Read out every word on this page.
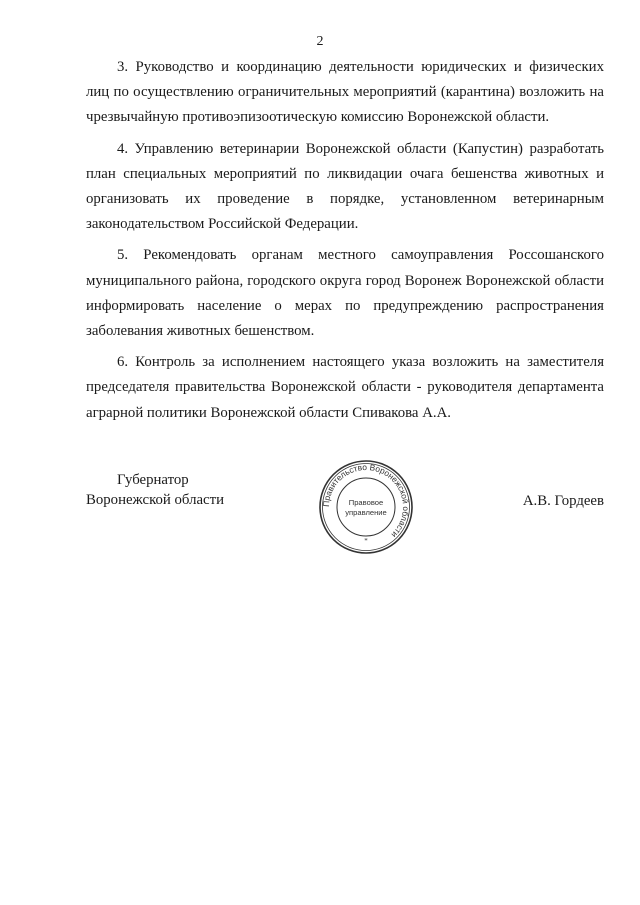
2

3. Руководство и координацию деятельности юридических и физических лиц по осуществлению ограничительных мероприятий (карантина) возложить на чрезвычайную противоэпизоотическую комиссию Воронежской области.

4. Управлению ветеринарии Воронежской области (Капустин) разработать план специальных мероприятий по ликвидации очага бешенства животных и организовать их проведение в порядке, установленном ветеринарным законодательством Российской Федерации.

5. Рекомендовать органам местного самоуправления Россошанского муниципального района, городского округа город Воронеж Воронежской области информировать население о мерах по предупреждению распространения заболевания животных бешенством.

6. Контроль за исполнением настоящего указа возложить на заместителя председателя правительства Воронежской области - руководителя департамента аграрной политики Воронежской области Спивакова А.А.

Губернатор
Воронежской области	Правительство Воронежской области
*
Правовое
управление
А.В. Гордеев
